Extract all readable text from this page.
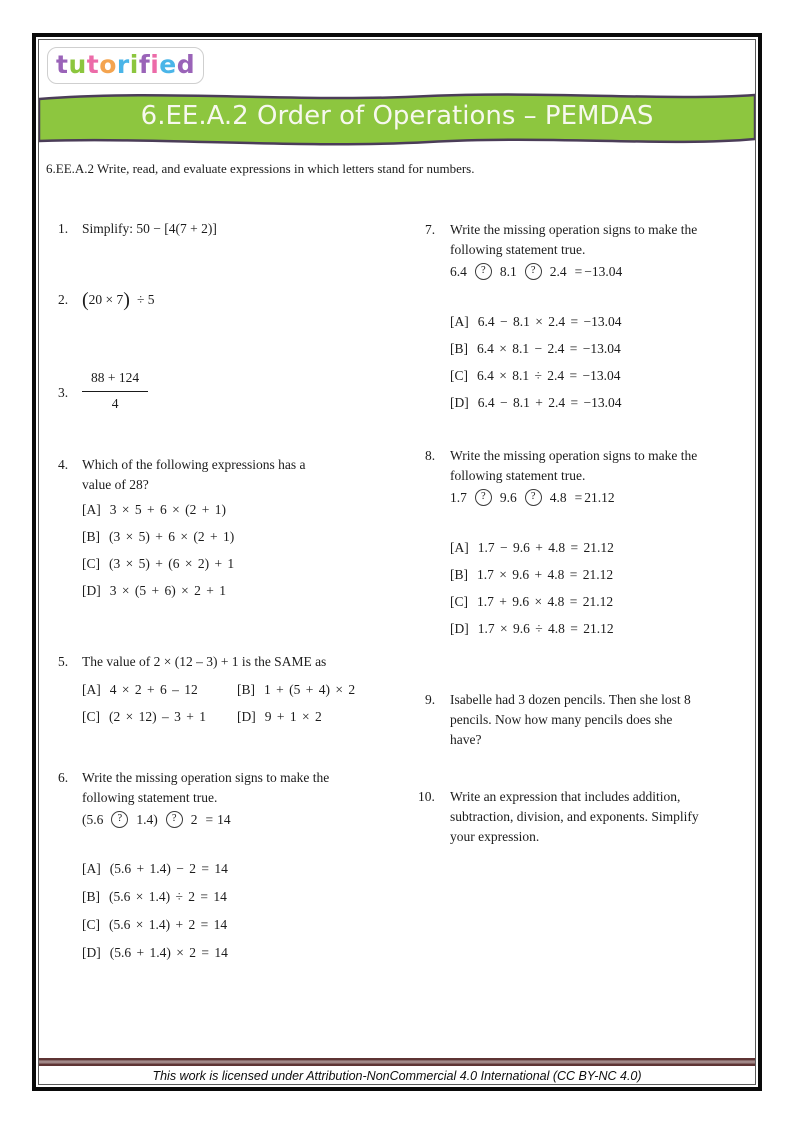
tutorified
6.EE.A.2 Order of Operations – PEMDAS
6.EE.A.2 Write, read, and evaluate expressions in which letters stand for numbers.
1. Simplify: 50 − [4(7 + 2)]
2. (20 × 7) ÷ 5
3. $\frac{88 + 124}{4}$
4. Which of the following expressions has a
value of 28?
[A] 3 × 5 + 6 × (2 + 1)
[B] (3 × 5) + 6 × (2 + 1)
[C] (3 × 5) + (6 × 2) + 1
[D] 3 × (5 + 6) × 2 + 1
5. The value of 2 × (12 – 3) + 1 is the SAME as
[A] 4 × 2 + 6 – 12	[B] 1 + (5 + 4) × 2
[C] (2 × 12) – 3 + 1 [D] 9 + 1 × 2
6. Write the missing operation signs to make the
following statement true.
(5.6	?	1.4)	?	2 = 14
[A] (5.6 + 1.4) − 2 = 14
[B] (5.6 × 1.4) ÷ 2 = 14
[C] (5.6 × 1.4) + 2 = 14
[D] (5.6 + 1.4) × 2 = 14
7. Write the missing operation signs to make the
following statement true.
6.4	?	8.1	?	2.4 = −13.04
[A] 6.4 − 8.1 × 2.4 = −13.04
[B] 6.4 × 8.1 − 2.4 = −13.04
[C] 6.4 × 8.1 ÷ 2.4 = −13.04
[D] 6.4 − 8.1 + 2.4 = −13.04
8. Write the missing operation signs to make the
following statement true.
1.7	?	9.6	?	4.8 = 21.12
[A] 1.7 − 9.6 + 4.8 = 21.12
[B] 1.7 × 9.6 + 4.8 = 21.12
[C] 1.7 + 9.6 × 4.8 = 21.12
[D] 1.7 × 9.6 ÷ 4.8 = 21.12
9. Isabelle had 3 dozen pencils. Then she lost 8
pencils. Now how many pencils does she
have?
10. Write an expression that includes addition,
subtraction, division, and exponents. Simplify
your expression.
This work is licensed under Attribution-NonCommercial 4.0 International (CC BY-NC 4.0)
